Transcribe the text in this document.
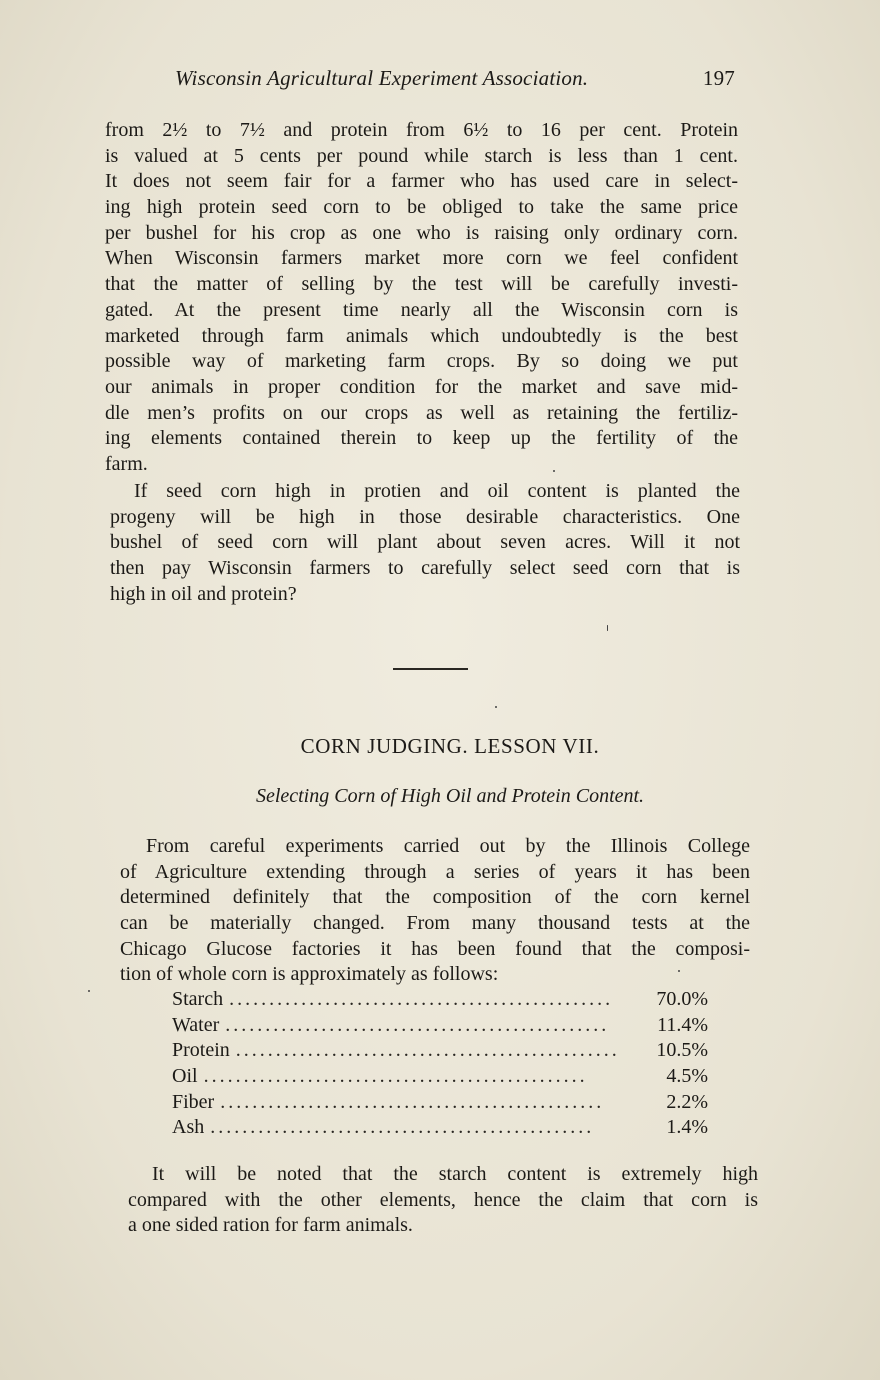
Wisconsin Agricultural Experiment Association.	197
from 2½ to 7½ and protein from 6½ to 16 per cent. Protein
is valued at 5 cents per pound while starch is less than 1 cent.
It does not seem fair for a farmer who has used care in select-
ing high protein seed corn to be obliged to take the same price
per bushel for his crop as one who is raising only ordinary corn.
When Wisconsin farmers market more corn we feel confident
that the matter of selling by the test will be carefully investi-
gated. At the present time nearly all the Wisconsin corn is
marketed through farm animals which undoubtedly is the best
possible way of marketing farm crops. By so doing we put
our animals in proper condition for the market and save mid-
dle men’s profits on our crops as well as retaining the fertiliz-
ing elements contained therein to keep up the fertility of the
farm.
If seed corn high in protien and oil content is planted the
progeny will be high in those desirable characteristics. One
bushel of seed corn will plant about seven acres. Will it not
then pay Wisconsin farmers to carefully select seed corn that is
high in oil and protein?
CORN JUDGING. LESSON VII.
Selecting Corn of High Oil and Protein Content.
From careful experiments carried out by the Illinois College
of Agriculture extending through a series of years it has been
determined definitely that the composition of the corn kernel
can be materially changed. From many thousand tests at the
Chicago Glucose factories it has been found that the composi-
tion of whole corn is approximately as follows:
Starch ................................................	70.0%
Water ................................................	11.4%
Protein ................................................	10.5%
Oil ................................................	4.5%
Fiber ................................................	2.2%
Ash ................................................	1.4%
It will be noted that the starch content is extremely high
compared with the other elements, hence the claim that corn is
a one sided ration for farm animals.
